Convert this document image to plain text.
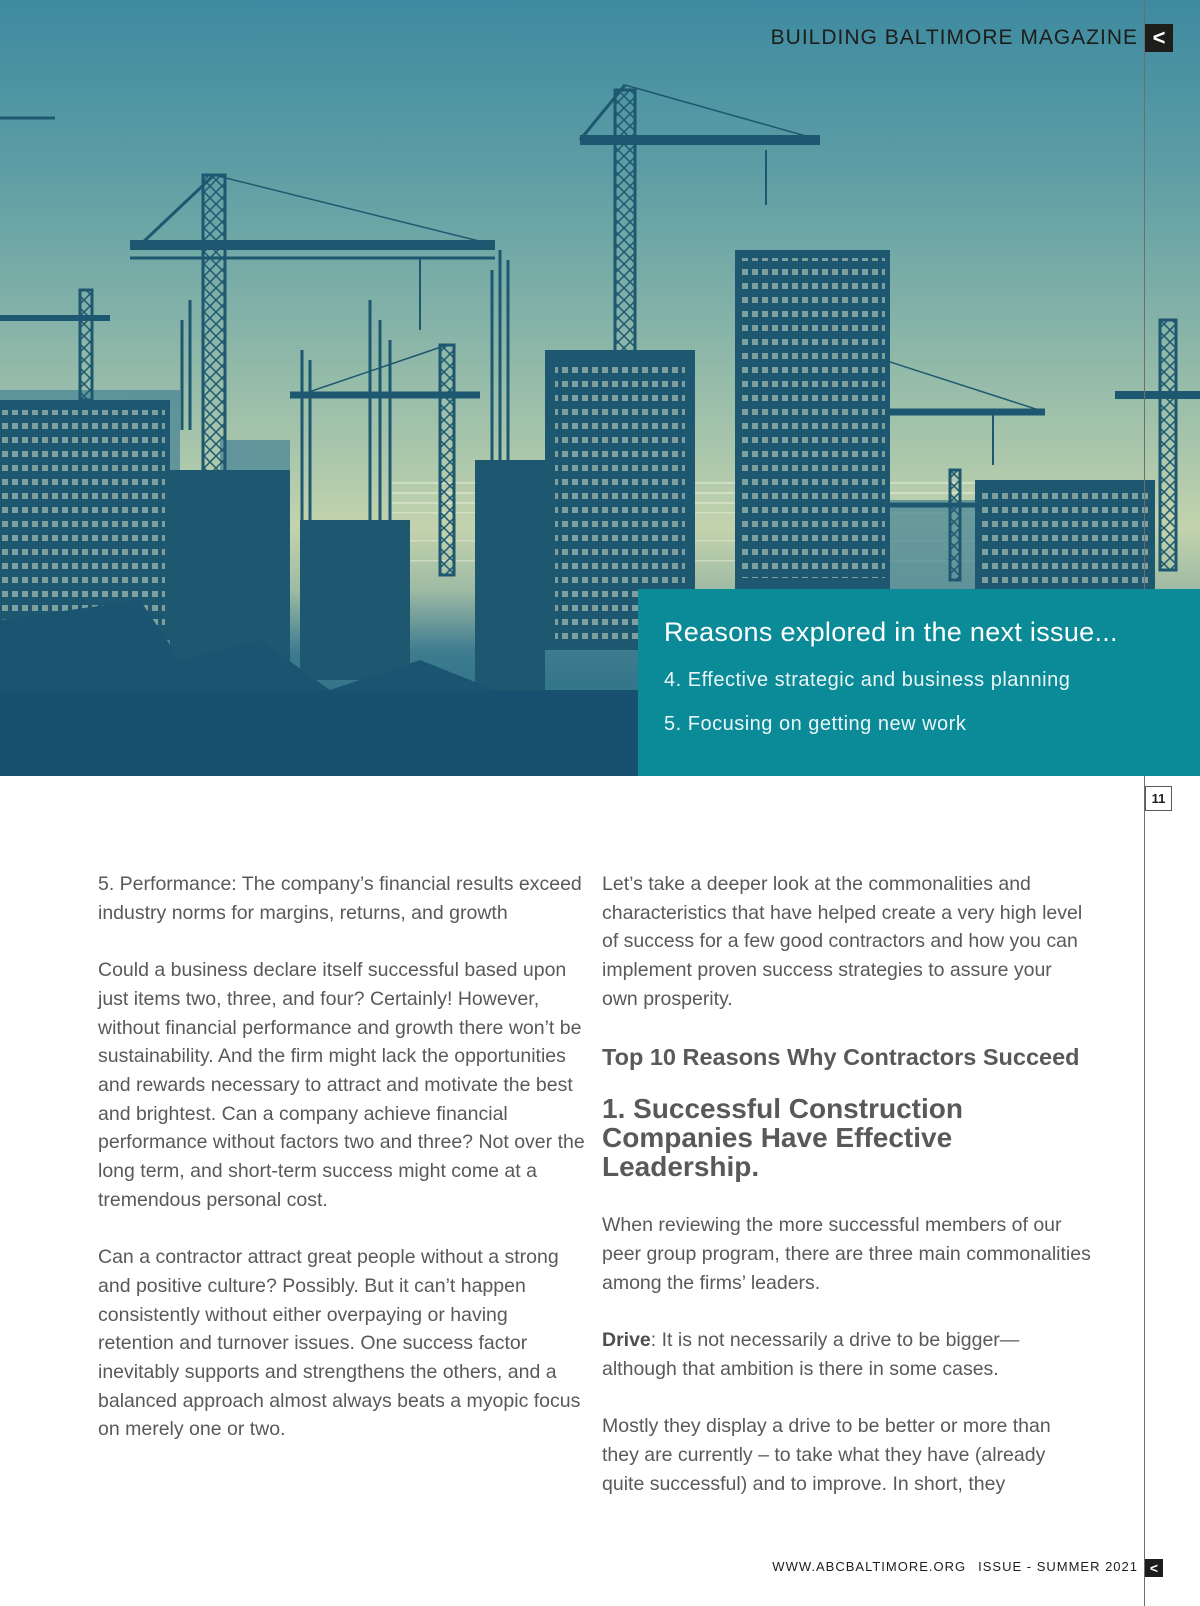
BUILDING BALTIMORE MAGAZINE <
Reasons explored in the next issue...
4. Effective strategic and business planning
5. Focusing on getting new work
11

5. Performance: The company’s financial results exceed industry norms for margins, returns, and growth

Could a business declare itself successful based upon just items two, three, and four? Certainly! However, without financial performance and growth there won’t be sustainability. And the firm might lack the opportunities and rewards necessary to attract and motivate the best and brightest. Can a company achieve financial performance without factors two and three? Not over the long term, and short-term success might come at a tremendous personal cost.

Can a contractor attract great people without a strong and positive culture? Possibly. But it can’t happen consistently without either overpaying or having retention and turnover issues. One success factor inevitably supports and strengthens the others, and a balanced approach almost always beats a myopic focus on merely one or two.

Let’s take a deeper look at the commonalities and characteristics that have helped create a very high level of success for a few good contractors and how you can implement proven success strategies to assure your own prosperity.

Top 10 Reasons Why Contractors Succeed
1. Successful Construction Companies Have Effective Leadership.

When reviewing the more successful members of our peer group program, there are three main commonalities among the firms’ leaders.

Drive: It is not necessarily a drive to be bigger—although that ambition is there in some cases.

Mostly they display a drive to be better or more than they are currently – to take what they have (already quite successful) and to improve. In short, they

WWW.ABCBALTIMORE.ORG ISSUE - SUMMER 2021 <
